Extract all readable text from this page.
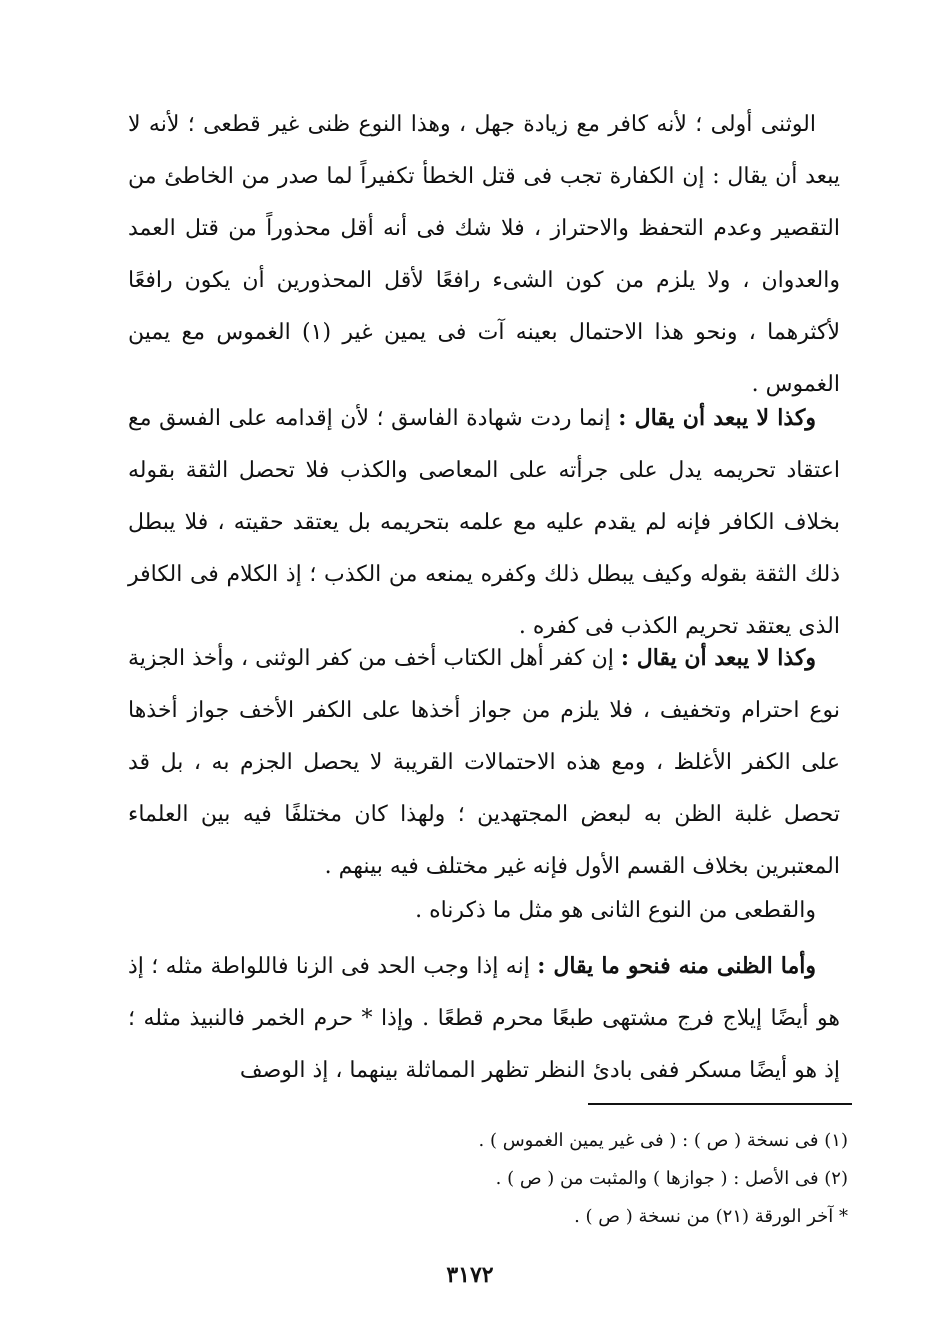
الوثنى أولى ؛ لأنه كافر مع زيادة جهل ، وهذا النوع ظنى غير قطعى ؛ لأنه لا يبعد أن يقال : إن الكفارة تجب فى قتل الخطأ تكفيراً لما صدر من الخاطئ من التقصير وعدم التحفظ والاحتراز ، فلا شك فى أنه أقل محذوراً من قتل العمد والعدوان ، ولا يلزم من كون الشىء رافعًا لأقل المحذورين أن يكون رافعًا لأكثرهما ، ونحو هذا الاحتمال بعينه آت فى يمين غير (١) الغموس مع يمين الغموس .

وكذا لا يبعد أن يقال : إنما ردت شهادة الفاسق ؛ لأن إقدامه على الفسق مع اعتقاد تحريمه يدل على جرأته على المعاصى والكذب فلا تحصل الثقة بقوله بخلاف الكافر فإنه لم يقدم عليه مع علمه بتحريمه بل يعتقد حقيته ، فلا يبطل ذلك الثقة بقوله وكيف يبطل ذلك وكفره يمنعه من الكذب ؛ إذ الكلام فى الكافر الذى يعتقد تحريم الكذب فى كفره .

وكذا لا يبعد أن يقال : إن كفر أهل الكتاب أخف من كفر الوثنى ، وأخذ الجزية نوع احترام وتخفيف ، فلا يلزم من جواز أخذها على الكفر الأخف جواز أخذها على الكفر الأغلظ ، ومع هذه الاحتمالات القريبة لا يحصل الجزم به ، بل قد تحصل غلبة الظن به لبعض المجتهدين ؛ ولهذا كان مختلفًا فيه بين العلماء المعتبرين بخلاف القسم الأول فإنه غير مختلف فيه بينهم .

والقطعى من النوع الثانى هو مثل ما ذكرناه .

وأما الظنى منه فنحو ما يقال : إنه إذا وجب الحد فى الزنا فاللواطة مثله ؛ إذ هو أيضًا إيلاج فرج مشتهى طبعًا محرم قطعًا . وإذا * حرم الخمر فالنبيذ مثله ؛ إذ هو أيضًا مسكر ففى بادئ النظر تظهر المماثلة بينهما ، إذ الوصف

(١) فى نسخة ( ص ) : ( فى غير يمين الغموس ) .
(٢) فى الأصل : ( جوازها ) والمثبت من ( ص ) .
* آخر الورقة (٢١) من نسخة ( ص ) .
٣١٧٢
